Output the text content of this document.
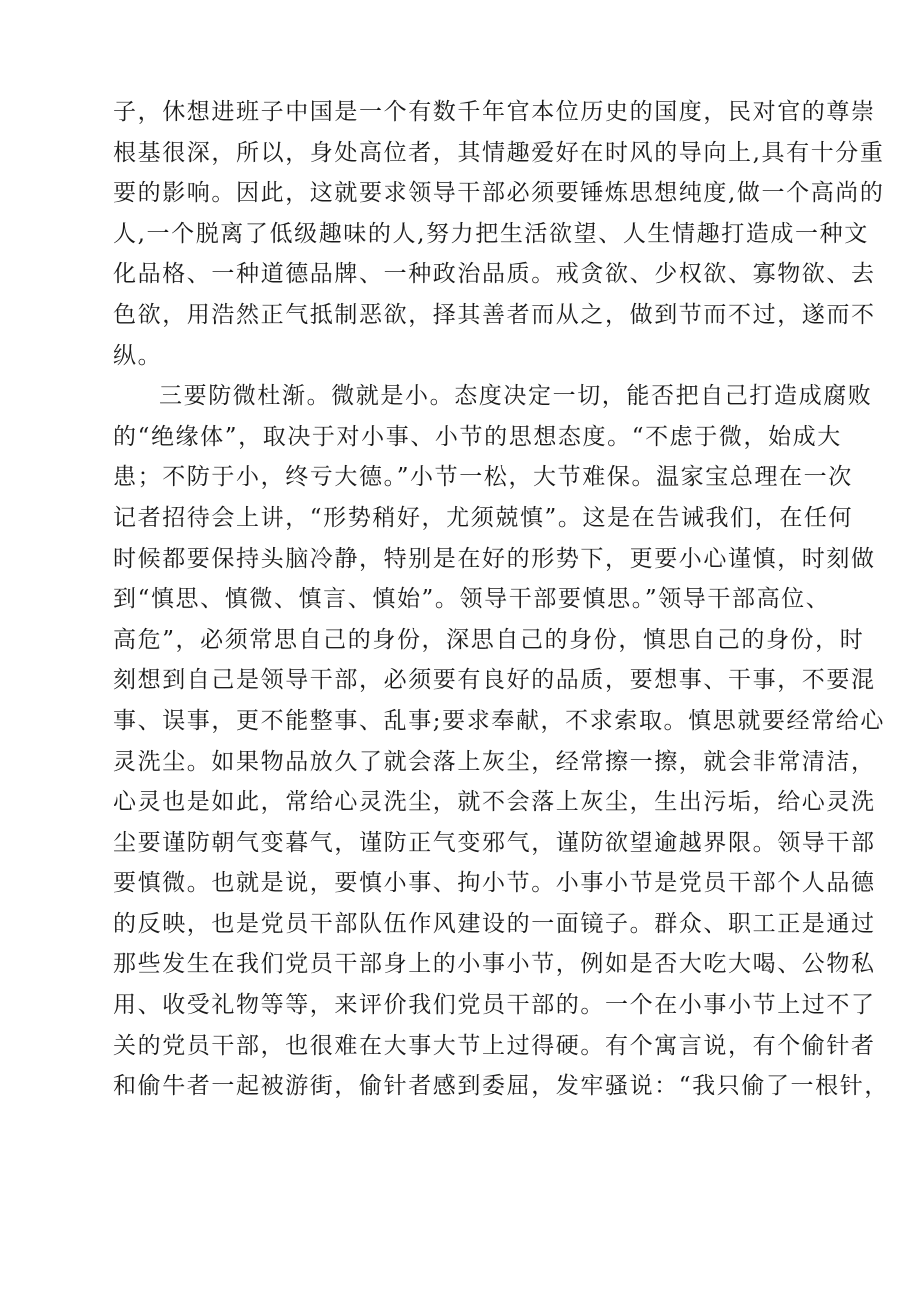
子，休想进班子中国是一个有数千年官本位历史的国度，民对官的尊崇
根基很深，所以，身处高位者，其情趣爱好在时风的导向上,具有十分重
要的影响。因此，这就要求领导干部必须要锤炼思想纯度,做一个高尚的
人,一个脱离了低级趣味的人,努力把生活欲望、人生情趣打造成一种文
化品格、一种道德品牌、一种政治品质。戒贪欲、少权欲、寡物欲、去
色欲，用浩然正气抵制恶欲，择其善者而从之，做到节而不过，遂而不
纵。
三要防微杜渐。微就是小。态度决定一切，能否把自己打造成腐败
的“绝缘体”，取决于对小事、小节的思想态度。“不虑于微，始成大
患；不防于小，终亏大德。”小节一松，大节难保。温家宝总理在一次
记者招待会上讲，“形势稍好，尤须兢慎”。这是在告诫我们，在任何
时候都要保持头脑冷静，特别是在好的形势下，更要小心谨慎，时刻做
到“慎思、慎微、慎言、慎始”。领导干部要慎思。”领导干部高位、
高危”，必须常思自己的身份，深思自己的身份，慎思自己的身份，时
刻想到自己是领导干部，必须要有良好的品质，要想事、干事，不要混
事、误事，更不能整事、乱事;要求奉献，不求索取。慎思就要经常给心
灵洗尘。如果物品放久了就会落上灰尘，经常擦一擦，就会非常清洁，
心灵也是如此，常给心灵洗尘，就不会落上灰尘，生出污垢，给心灵洗
尘要谨防朝气变暮气，谨防正气变邪气，谨防欲望逾越界限。领导干部
要慎微。也就是说，要慎小事、拘小节。小事小节是党员干部个人品德
的反映，也是党员干部队伍作风建设的一面镜子。群众、职工正是通过
那些发生在我们党员干部身上的小事小节，例如是否大吃大喝、公物私
用、收受礼物等等，来评价我们党员干部的。一个在小事小节上过不了
关的党员干部，也很难在大事大节上过得硬。有个寓言说，有个偷针者
和偷牛者一起被游街，偷针者感到委屈，发牢骚说：“我只偷了一根针，
